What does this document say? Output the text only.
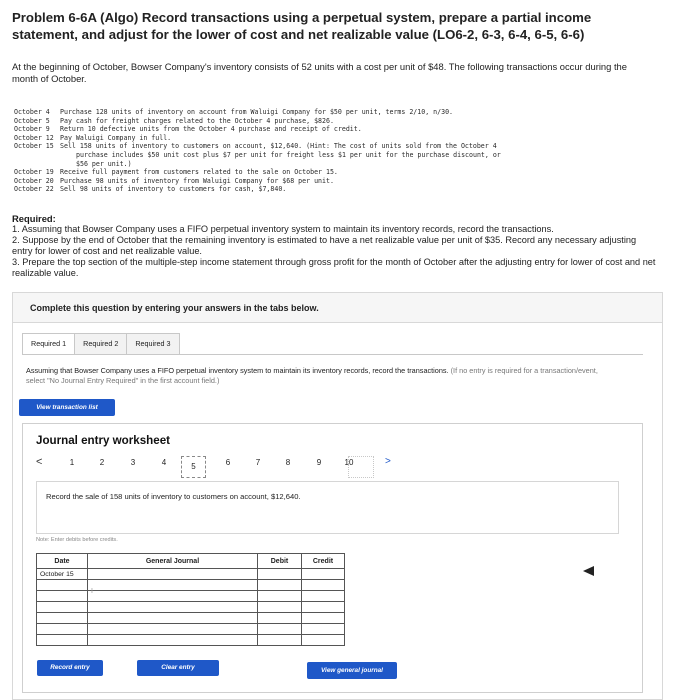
Problem 6-6A (Algo) Record transactions using a perpetual system, prepare a partial income statement, and adjust for the lower of cost and net realizable value (LO6-2, 6-3, 6-4, 6-5, 6-6)
At the beginning of October, Bowser Company's inventory consists of 52 units with a cost per unit of $48. The following transactions occur during the month of October.
October 4	Purchase 128 units of inventory on account from Waluigi Company for $50 per unit, terms 2/10, n/30.
October 5	Pay cash for freight charges related to the October 4 purchase, $826.
October 9	Return 10 defective units from the October 4 purchase and receipt of credit.
October 12 Pay Waluigi Company in full.
October 15 Sell 158 units of inventory to customers on account, $12,640. (Hint: The cost of units sold from the October 4
purchase includes $50 unit cost plus $7 per unit for freight less $1 per unit for the purchase discount, or
$56 per unit.)
October 19 Receive full payment from customers related to the sale on October 15.
October 20 Purchase 98 units of inventory from Waluigi Company for $68 per unit.
October 22 Sell 98 units of inventory to customers for cash, $7,840.
Required:
1. Assuming that Bowser Company uses a FIFO perpetual inventory system to maintain its inventory records, record the transactions.
2. Suppose by the end of October that the remaining inventory is estimated to have a net realizable value per unit of $35. Record any necessary adjusting entry for lower of cost and net realizable value.
3. Prepare the top section of the multiple-step income statement through gross profit for the month of October after the adjusting entry for lower of cost and net realizable value.
Complete this question by entering your answers in the tabs below.
Required 1	Required 2	Required 3
Assuming that Bowser Company uses a FIFO perpetual inventory system to maintain its inventory records, record the transactions. (If no entry is required for a transaction/event, select "No Journal Entry Required" in the first account field.)
View transaction list
Journal entry worksheet
<	1	2	3	4	5	6	7	8	9	10	>
Record the sale of 158 units of inventory to customers on account, $12,640.
Note: Enter debits before credits.
Date	General Journal	Debit	Credit
October 15			

I
Record entry	Clear entry	View general journal
